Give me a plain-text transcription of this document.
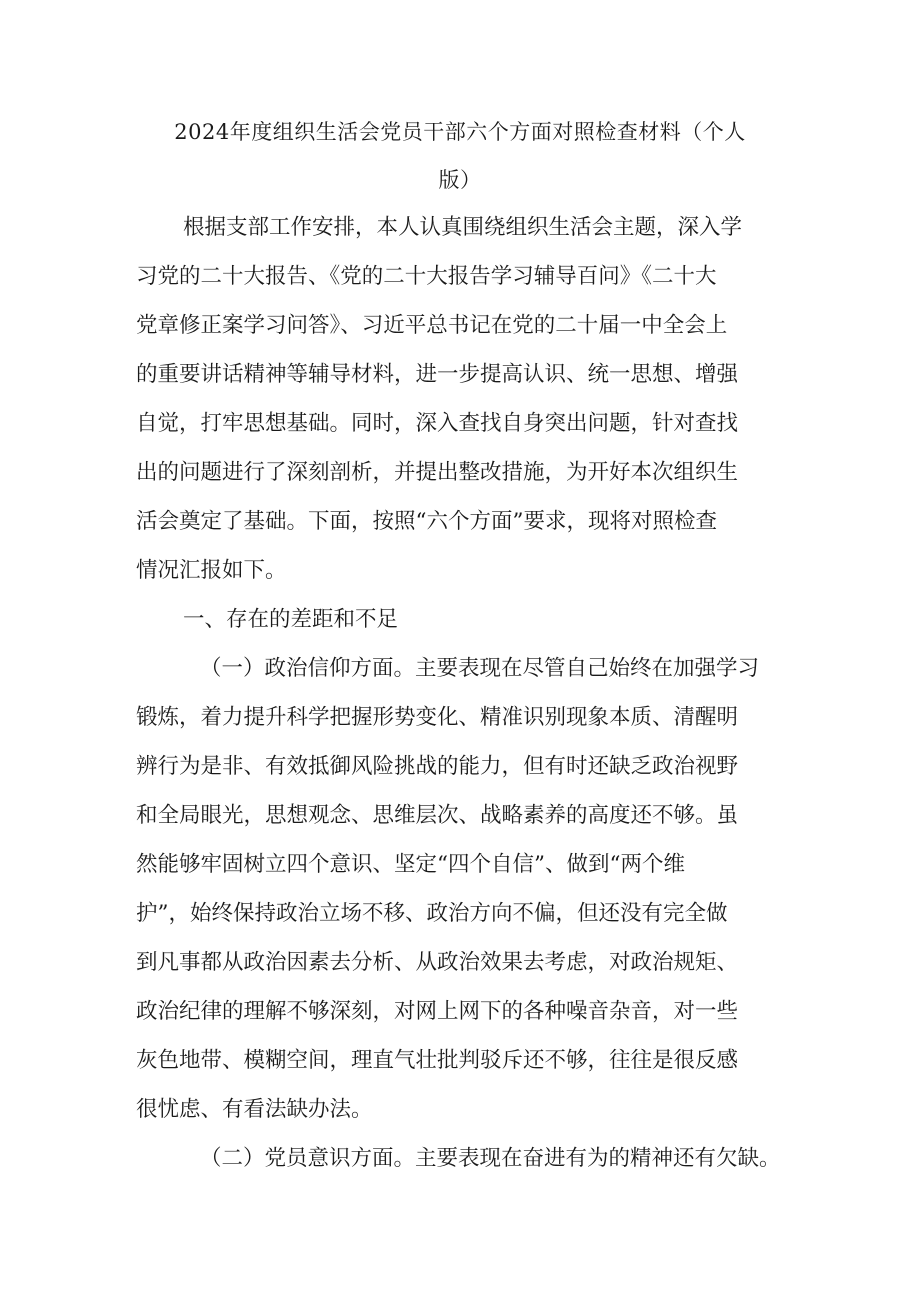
2024年度组织生活会党员干部六个方面对照检查材料（个人
版）
根据支部工作安排，本人认真围绕组织生活会主题，深入学
习党的二十大报告、《党的二十大报告学习辅导百问》《二十大
党章修正案学习问答》、习近平总书记在党的二十届一中全会上
的重要讲话精神等辅导材料，进一步提高认识、统一思想、增强
自觉，打牢思想基础。同时，深入查找自身突出问题，针对查找
出的问题进行了深刻剖析，并提出整改措施，为开好本次组织生
活会奠定了基础。下面，按照“六个方面”要求，现将对照检查
情况汇报如下。
一、存在的差距和不足
（一）政治信仰方面。主要表现在尽管自己始终在加强学习
锻炼，着力提升科学把握形势变化、精准识别现象本质、清醒明
辨行为是非、有效抵御风险挑战的能力，但有时还缺乏政治视野
和全局眼光，思想观念、思维层次、战略素养的高度还不够。虽
然能够牢固树立四个意识、坚定“四个自信”、做到“两个维
护”，始终保持政治立场不移、政治方向不偏，但还没有完全做
到凡事都从政治因素去分析、从政治效果去考虑，对政治规矩、
政治纪律的理解不够深刻，对网上网下的各种噪音杂音，对一些
灰色地带、模糊空间，理直气壮批判驳斥还不够，往往是很反感
很忧虑、有看法缺办法。
（二）党员意识方面。主要表现在奋进有为的精神还有欠缺。
